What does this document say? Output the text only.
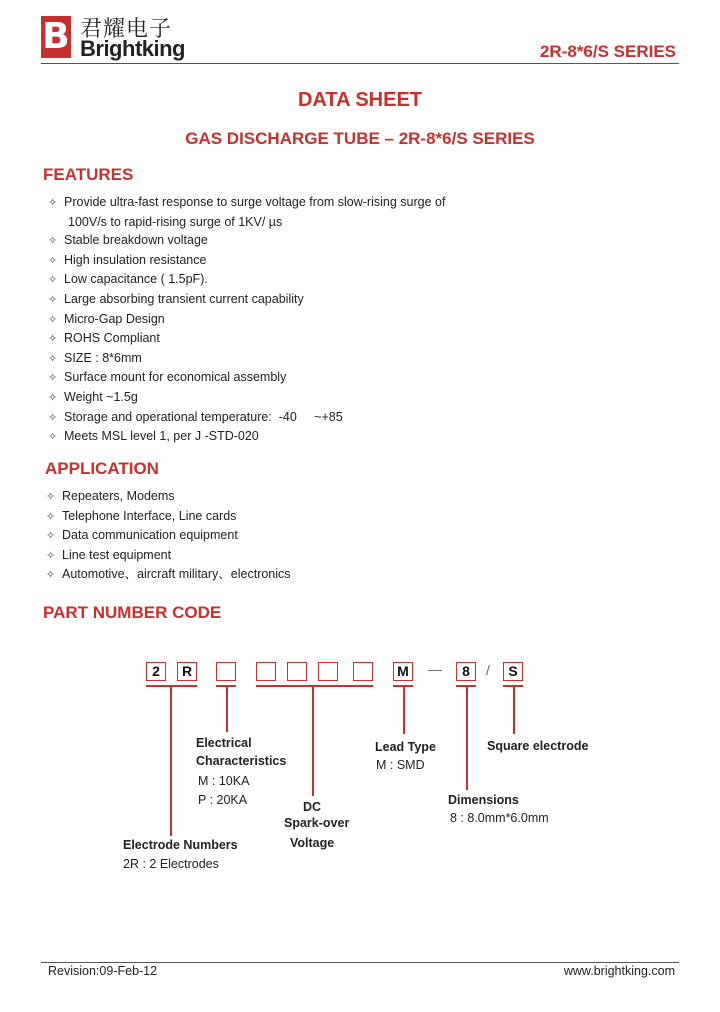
B 君耀电子
Brightking	2R-8*6/S SERIES
DATA SHEET
GAS DISCHARGE TUBE – 2R-8*6/S SERIES
FEATURES
✧ Provide ultra-fast response to surge voltage from slow-rising surge of
100V/s to rapid-rising surge of 1KV/ µs
✧ Stable breakdown voltage
✧ High insulation resistance
✧ Low capacitance ( 1.5pF).
✧ Large absorbing transient current capability
✧ Micro-Gap Design
✧ ROHS Compliant
✧ SIZE : 8*6mm
✧ Surface mount for economical assembly
✧ Weight ~1.5g
✧ Storage and operational temperature:  -40     ~+85
✧ Meets MSL level 1, per J -STD-020
APPLICATION
✧ Repeaters, Modems
✧ Telephone Interface, Line cards
✧ Data communication equipment
✧ Line test equipment
✧ Automotive、aircraft military、electronics
PART NUMBER CODE
2	R	M —	8	/	S
Electrical
Characteristics
M : 10KA
P : 20KA
Lead Type
M : SMD
Square electrode
Dimensions
8 : 8.0mm*6.0mm
DC
Spark-over
Voltage
Electrode Numbers
2R : 2 Electrodes
Revision:09-Feb-12	www.brightking.com
